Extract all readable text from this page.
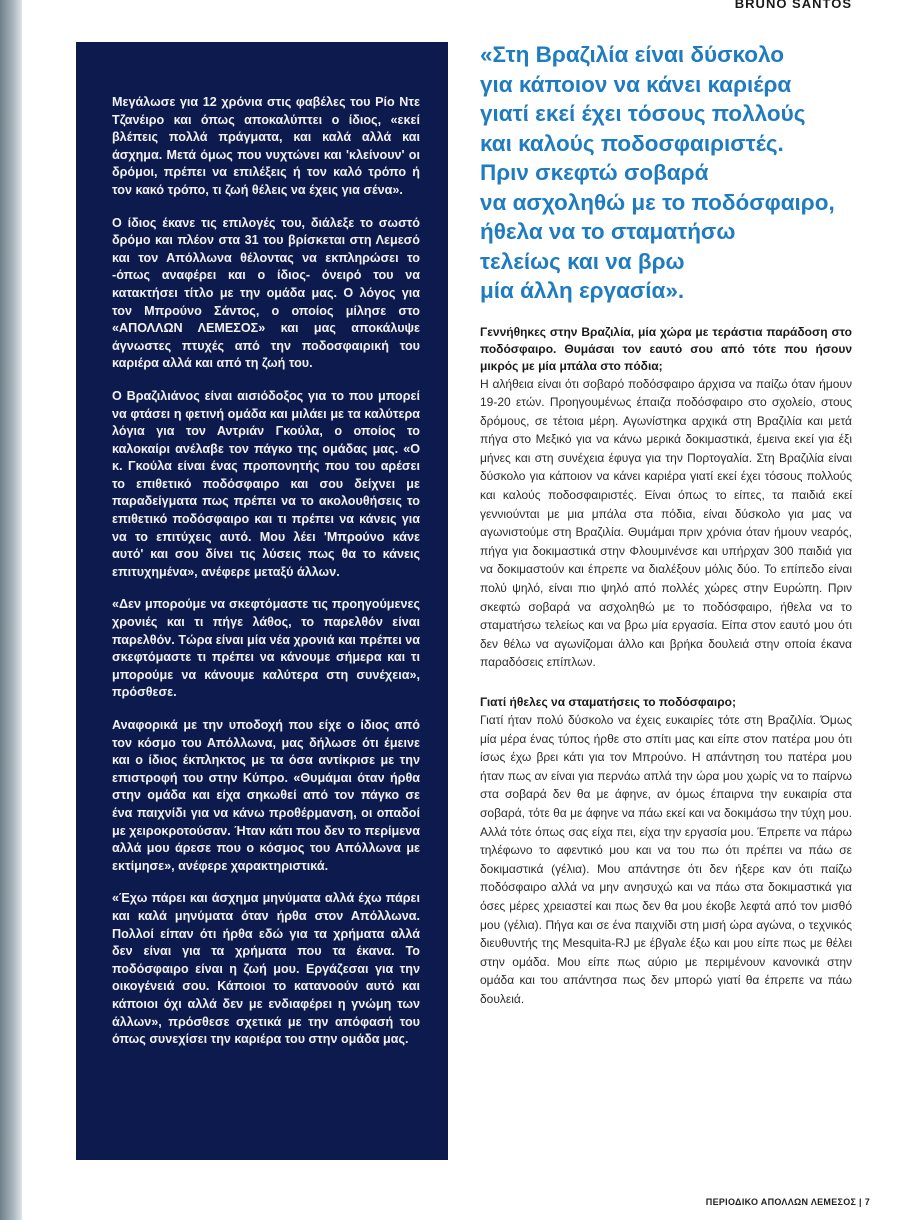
BRUNO SANTOS

Μεγάλωσε για 12 χρόνια στις φαβέλες του Ρίο Ντε Τζανέιρο και όπως αποκαλύπτει ο ίδιος, «εκεί βλέπεις πολλά πράγματα, και καλά αλλά και άσχημα. Μετά όμως που νυχτώνει και 'κλείνουν' οι δρόμοι, πρέπει να επιλέξεις ή τον καλό τρόπο ή τον κακό τρόπο, τι ζωή θέλεις να έχεις για σένα».

Ο ίδιος έκανε τις επιλογές του, διάλεξε το σωστό δρόμο και πλέον στα 31 του βρίσκεται στη Λεμεσό και τον Απόλλωνα θέλοντας να εκπληρώσει το -όπως αναφέρει και ο ίδιος- όνειρό του να κατακτήσει τίτλο με την ομάδα μας. Ο λόγος για τον Μπρούνο Σάντος, ο οποίος μίλησε στο «ΑΠΟΛΛΩΝ ΛΕΜΕΣΟΣ» και μας αποκάλυψε άγνωστες πτυχές από την ποδοσφαιρική του καριέρα αλλά και από τη ζωή του.

Ο Βραζιλιάνος είναι αισιόδοξος για το που μπορεί να φτάσει η φετινή ομάδα και μιλάει με τα καλύτερα λόγια για τον Αντριάν Γκούλα, ο οποίος το καλοκαίρι ανέλαβε τον πάγκο της ομάδας μας. «Ο κ. Γκούλα είναι ένας προπονητής που του αρέσει το επιθετικό ποδόσφαιρο και σου δείχνει με παραδείγματα πως πρέπει να το ακολουθήσεις το επιθετικό ποδόσφαιρο και τι πρέπει να κάνεις για να το επιτύχεις αυτό. Μου λέει 'Μπρούνο κάνε αυτό' και σου δίνει τις λύσεις πως θα το κάνεις επιτυχημένα», ανέφερε μεταξύ άλλων.

«Δεν μπορούμε να σκεφτόμαστε τις προηγούμενες χρονιές και τι πήγε λάθος, το παρελθόν είναι παρελθόν. Τώρα είναι μία νέα χρονιά και πρέπει να σκεφτόμαστε τι πρέπει να κάνουμε σήμερα και τι μπορούμε να κάνουμε καλύτερα στη συνέχεια», πρόσθεσε.

Αναφορικά με την υποδοχή που είχε ο ίδιος από τον κόσμο του Απόλλωνα, μας δήλωσε ότι έμεινε και ο ίδιος έκπληκτος με τα όσα αντίκρισε με την επιστροφή του στην Κύπρο. «Θυμάμαι όταν ήρθα στην ομάδα και είχα σηκωθεί από τον πάγκο σε ένα παιχνίδι για να κάνω προθέρμανση, οι οπαδοί με χειροκροτούσαν. Ήταν κάτι που δεν το περίμενα αλλά μου άρεσε που ο κόσμος του Απόλλωνα με εκτίμησε», ανέφερε χαρακτηριστικά.

«Έχω πάρει και άσχημα μηνύματα αλλά έχω πάρει και καλά μηνύματα όταν ήρθα στον Απόλλωνα. Πολλοί είπαν ότι ήρθα εδώ για τα χρήματα αλλά δεν είναι για τα χρήματα που τα έκανα. Το ποδόσφαιρο είναι η ζωή μου. Εργάζεσαι για την οικογένειά σου. Κάποιοι το κατανοούν αυτό και κάποιοι όχι αλλά δεν με ενδιαφέρει η γνώμη των άλλων», πρόσθεσε σχετικά με την απόφασή του όπως συνεχίσει την καριέρα του στην ομάδα μας.

«Στη Βραζιλία είναι δύσκολο
για κάποιον να κάνει καριέρα
γιατί εκεί έχει τόσους πολλούς
και καλούς ποδοσφαιριστές.
Πριν σκεφτώ σοβαρά
να ασχοληθώ με το ποδόσφαιρο,
ήθελα να το σταματήσω
τελείως και να βρω
μία άλλη εργασία».

Γεννήθηκες στην Βραζιλία, μία χώρα με τεράστια παράδοση στο ποδόσφαιρο. Θυμάσαι τον εαυτό σου από τότε που ήσουν μικρός με μία μπάλα στο πόδια;

Η αλήθεια είναι ότι σοβαρό ποδόσφαιρο άρχισα να παίζω όταν ήμουν 19-20 ετών. Προηγουμένως έπαιζα ποδόσφαιρο στο σχολείο, στους δρόμους, σε τέτοια μέρη. Αγωνίστηκα αρχικά στη Βραζιλία και μετά πήγα στο Μεξικό για να κάνω μερικά δοκιμαστικά, έμεινα εκεί για έξι μήνες και στη συνέχεια έφυγα για την Πορτογαλία. Στη Βραζιλία είναι δύσκολο για κάποιον να κάνει καριέρα γιατί εκεί έχει τόσους πολλούς και καλούς ποδοσφαιριστές. Είναι όπως το είπες, τα παιδιά εκεί γεννιούνται με μια μπάλα στα πόδια, είναι δύσκολο για μας να αγωνιστούμε στη Βραζιλία. Θυμάμαι πριν χρόνια όταν ήμουν νεαρός, πήγα για δοκιμαστικά στην Φλουμινένσε και υπήρχαν 300 παιδιά για να δοκιμαστούν και έπρεπε να διαλέξουν μόλις δύο. Το επίπεδο είναι πολύ ψηλό, είναι πιο ψηλό από πολλές χώρες στην Ευρώπη. Πριν σκεφτώ σοβαρά να ασχοληθώ με το ποδόσφαιρο, ήθελα να το σταματήσω τελείως και να βρω μία εργασία. Είπα στον εαυτό μου ότι δεν θέλω να αγωνίζομαι άλλο και βρήκα δουλειά στην οποία έκανα παραδόσεις επίπλων.

Γιατί ήθελες να σταματήσεις το ποδόσφαιρο;

Γιατί ήταν πολύ δύσκολο να έχεις ευκαιρίες τότε στη Βραζιλία. Όμως μία μέρα ένας τύπος ήρθε στο σπίτι μας και είπε στον πατέρα μου ότι ίσως έχω βρει κάτι για τον Μπρούνο. Η απάντηση του πατέρα μου ήταν πως αν είναι για περνάω απλά την ώρα μου χωρίς να το παίρνω στα σοβαρά δεν θα με άφηνε, αν όμως έπαιρνα την ευκαιρία στα σοβαρά, τότε θα με άφηνε να πάω εκεί και να δοκιμάσω την τύχη μου. Αλλά τότε όπως σας είχα πει, είχα την εργασία μου. Έπρεπε να πάρω τηλέφωνο το αφεντικό μου και να του πω ότι πρέπει να πάω σε δοκιμαστικά (γέλια). Μου απάντησε ότι δεν ήξερε καν ότι παίζω ποδόσφαιρο αλλά να μην ανησυχώ και να πάω στα δοκιμαστικά για όσες μέρες χρειαστεί και πως δεν θα μου έκοβε λεφτά από τον μισθό μου (γέλια). Πήγα και σε ένα παιχνίδι στη μισή ώρα αγώνα, ο τεχνικός διευθυντής της Mesquita-RJ με έβγαλε έξω και μου είπε πως με θέλει στην ομάδα. Μου είπε πως αύριο με περιμένουν κανονικά στην ομάδα και του απάντησα πως δεν μπορώ γιατί θα έπρεπε να πάω δουλειά.

ΠΕΡΙΟΔΙΚΟ ΑΠΟΛΛΩΝ ΛΕΜΕΣΟΣ | 7
